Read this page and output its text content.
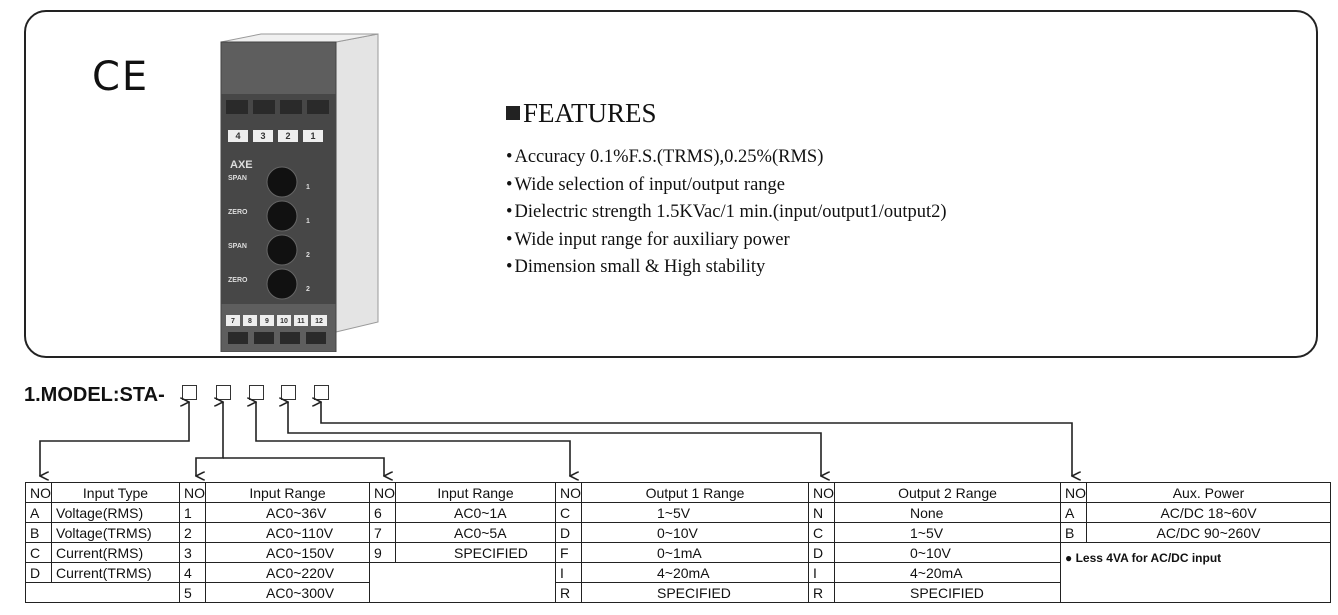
CE
4 3 2 1
AXE
SPAN
ZERO
SPAN
ZERO
1
1
2
2
7 8 9 10 11 12
FEATURES
• Accuracy 0.1%F.S.(TRMS),0.25%(RMS)
• Wide selection of input/output range
• Dielectric strength 1.5KVac/1 min.(input/output1/output2)
• Wide input range for auxiliary power
• Dimension small & High stability
1.MODEL:STA-
NO	Input Type	NO	Input Range	NO	Input Range	NO	Output 1 Range	NO	Output 2 Range	NO	Aux. Power
A	Voltage(RMS)	1	AC0~36V	6	AC0~1A	C	1~5V	N	None	A	AC/DC 18~60V
B	Voltage(TRMS)	2	AC0~110V	7	AC0~5A	D	0~10V	C	1~5V	B	AC/DC 90~260V
C	Current(RMS)	3	AC0~150V	9	SPECIFIED	F	0~1mA	D	0~10V	● Less 4VA for AC/DC input	
D	Current(TRMS)	4	AC0~220V			I	4~20mA	I	4~20mA		
		5	AC0~300V			R	SPECIFIED	R	SPECIFIED		
